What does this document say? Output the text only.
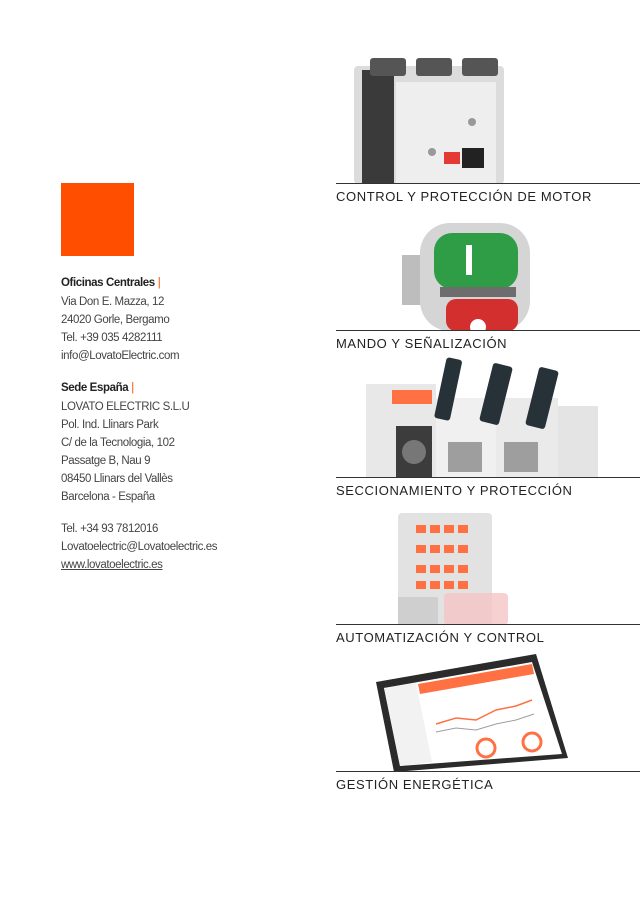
Oficinas Centrales |
Via Don E. Mazza, 12
24020 Gorle, Bergamo
Tel. +39 035 4282111
info@LovatoElectric.com
Sede España |
LOVATO ELECTRIC S.L.U
Pol. Ind. Llinars Park
C/ de la Tecnologia, 102
Passatge B, Nau 9
08450 Llinars del Vallès
Barcelona - España
Tel. +34 93 7812016
Lovatoelectric@Lovatoelectric.es
www.lovatoelectric.es
CONTROL Y PROTECCIÓN DE MOTOR
MANDO Y SEÑALIZACIÓN
SECCIONAMIENTO Y PROTECCIÓN
AUTOMATIZACIÓN Y CONTROL
GESTIÓN ENERGÉTICA
